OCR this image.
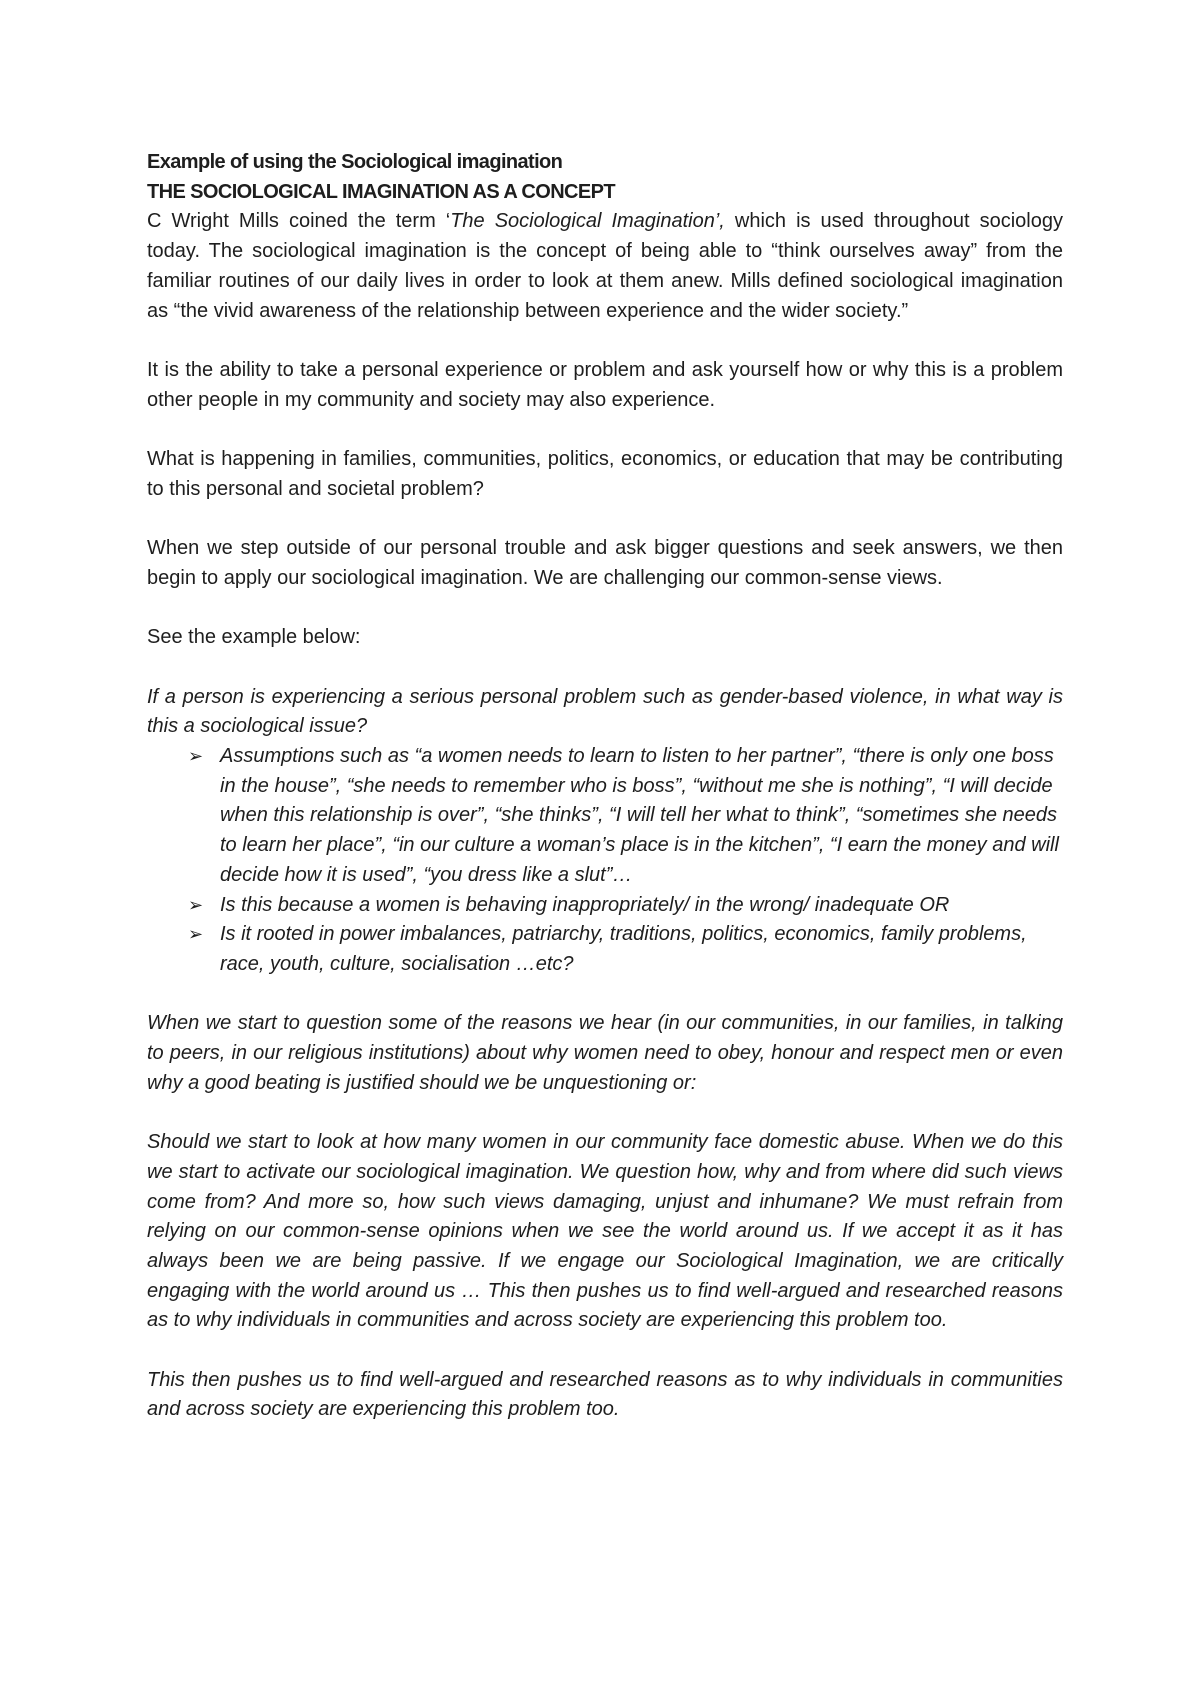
Example of using the Sociological imagination
THE SOCIOLOGICAL IMAGINATION AS A CONCEPT

C Wright Mills coined the term ‘The Sociological Imagination’, which is used throughout sociology today. The sociological imagination is the concept of being able to “think ourselves away” from the familiar routines of our daily lives in order to look at them anew. Mills defined sociological imagination as “the vivid awareness of the relationship between experience and the wider society.”

It is the ability to take a personal experience or problem and ask yourself how or why this is a problem other people in my community and society may also experience.

What is happening in families, communities, politics, economics, or education that may be contributing to this personal and societal problem?

When we step outside of our personal trouble and ask bigger questions and seek answers, we then begin to apply our sociological imagination. We are challenging our common-sense views.

See the example below:

If a person is experiencing a serious personal problem such as gender-based violence, in what way is this a sociological issue?

➢ Assumptions such as “a women needs to learn to listen to her partner”, “there is only one boss in the house”, “she needs to remember who is boss”, “without me she is nothing”, “I will decide when this relationship is over”, “she thinks”, “I will tell her what to think”, “sometimes she needs to learn her place”, “in our culture a woman’s place is in the kitchen”, “I earn the money and will decide how it is used”, “you dress like a slut”…
➢ Is this because a women is behaving inappropriately/ in the wrong/ inadequate OR
➢ Is it rooted in power imbalances, patriarchy, traditions, politics, economics, family problems, race, youth, culture, socialisation …etc?

When we start to question some of the reasons we hear (in our communities, in our families, in talking to peers, in our religious institutions) about why women need to obey, honour and respect men or even why a good beating is justified should we be unquestioning or:

Should we start to look at how many women in our community face domestic abuse. When we do this we start to activate our sociological imagination. We question how, why and from where did such views come from? And more so, how such views damaging, unjust and inhumane? We must refrain from relying on our common-sense opinions when we see the world around us. If we accept it as it has always been we are being passive. If we engage our Sociological Imagination, we are critically engaging with the world around us … This then pushes us to find well-argued and researched reasons as to why individuals in communities and across society are experiencing this problem too.

This then pushes us to find well-argued and researched reasons as to why individuals in communities and across society are experiencing this problem too.
